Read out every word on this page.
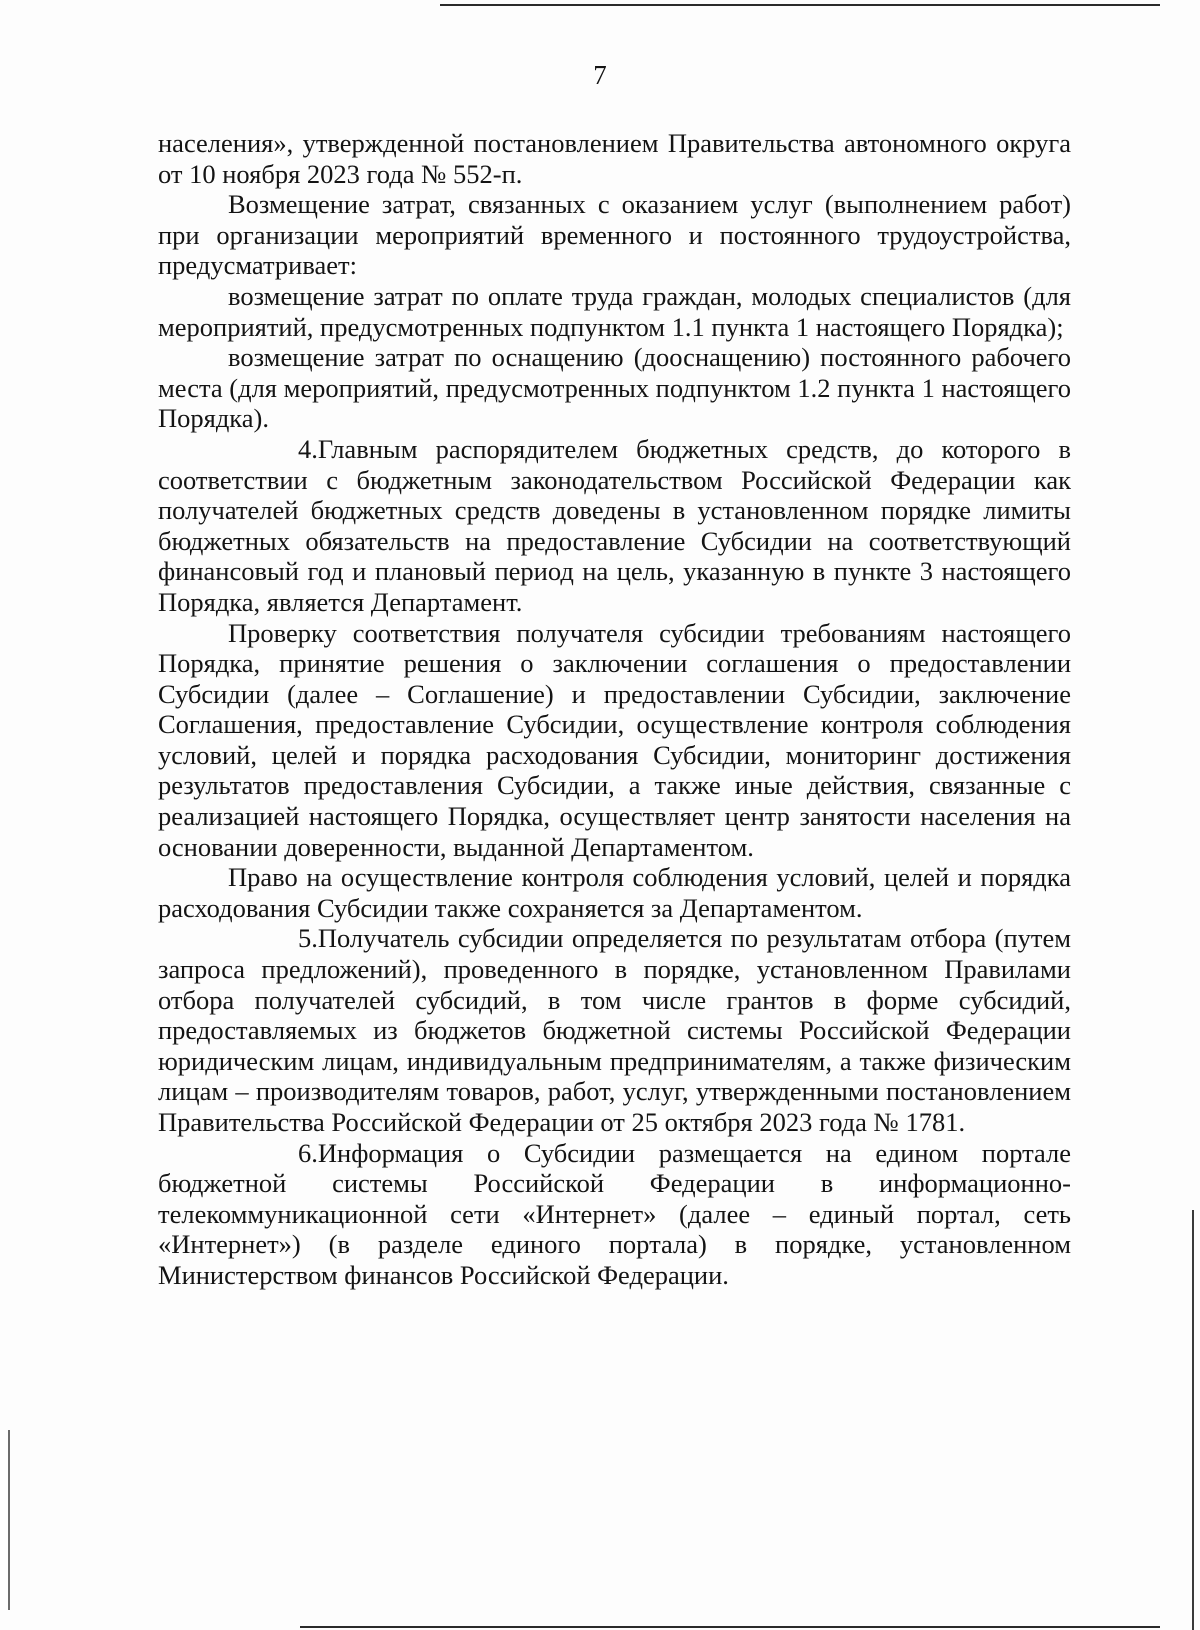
7

населения», утвержденной постановлением Правительства автономного округа от 10 ноября 2023 года № 552-п.

Возмещение затрат, связанных с оказанием услуг (выполнением работ) при организации мероприятий временного и постоянного трудоустройства, предусматривает:

возмещение затрат по оплате труда граждан, молодых специалистов (для мероприятий, предусмотренных подпунктом 1.1 пункта 1 настоящего Порядка);

возмещение затрат по оснащению (дооснащению) постоянного рабочего места (для мероприятий, предусмотренных подпунктом 1.2 пункта 1 настоящего Порядка).

4.Главным распорядителем бюджетных средств, до которого в соответствии с бюджетным законодательством Российской Федерации как получателей бюджетных средств доведены в установленном порядке лимиты бюджетных обязательств на предоставление Субсидии на соответствующий финансовый год и плановый период на цель, указанную в пункте 3 настоящего Порядка, является Департамент.

Проверку соответствия получателя субсидии требованиям настоящего Порядка, принятие решения о заключении соглашения о предоставлении Субсидии (далее – Соглашение) и предоставлении Субсидии, заключение Соглашения, предоставление Субсидии, осуществление контроля соблюдения условий, целей и порядка расходования Субсидии, мониторинг достижения результатов предоставления Субсидии, а также иные действия, связанные с реализацией настоящего Порядка, осуществляет центр занятости населения на основании доверенности, выданной Департаментом.

Право на осуществление контроля соблюдения условий, целей и порядка расходования Субсидии также сохраняется за Департаментом.

5.Получатель субсидии определяется по результатам отбора (путем запроса предложений), проведенного в порядке, установленном Правилами отбора получателей субсидий, в том числе грантов в форме субсидий, предоставляемых из бюджетов бюджетной системы Российской Федерации юридическим лицам, индивидуальным предпринимателям, а также физическим лицам – производителям товаров, работ, услуг, утвержденными постановлением Правительства Российской Федерации от 25 октября 2023 года № 1781.

6.Информация о Субсидии размещается на едином портале бюджетной системы Российской Федерации в информационно-телекоммуникационной сети «Интернет» (далее – единый портал, сеть «Интернет») (в разделе единого портала) в порядке, установленном Министерством финансов Российской Федерации.
